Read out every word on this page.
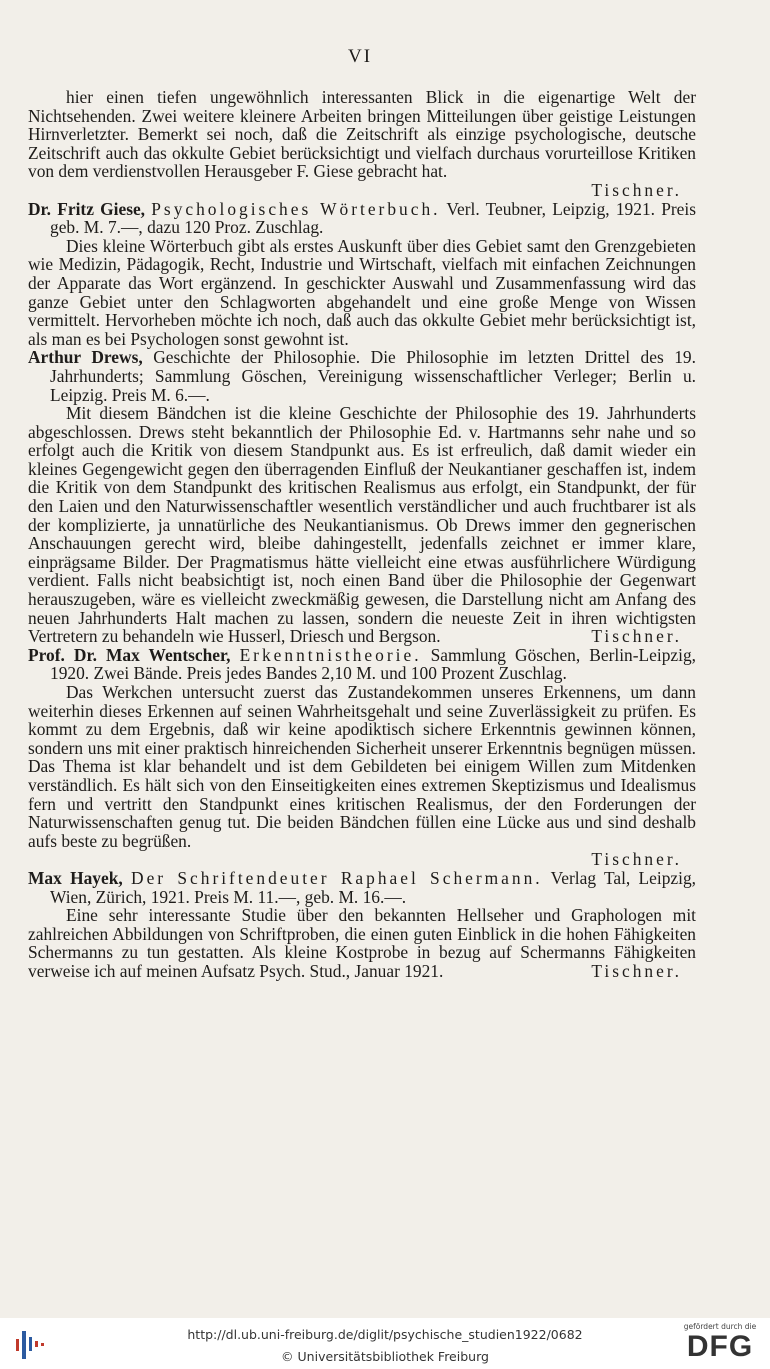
VI
hier einen tiefen ungewöhnlich interessanten Blick in die eigenartige Welt der Nichtsehenden. Zwei weitere kleinere Arbeiten bringen Mitteilungen über geistige Leistungen Hirnverletzter. Bemerkt sei noch, daß die Zeitschrift als einzige psychologische, deutsche Zeitschrift auch das okkulte Gebiet berücksichtigt und vielfach durchaus vorurteillose Kritiken von dem verdienstvollen Herausgeber F. Giese gebracht hat.
Tischner.
Dr. Fritz Giese, Psychologisches Wörterbuch. Verl. Teubner, Leipzig, 1921. Preis geb. M. 7.—, dazu 120 Proz. Zuschlag.
Dies kleine Wörterbuch gibt als erstes Auskunft über dies Gebiet samt den Grenzgebieten wie Medizin, Pädagogik, Recht, Industrie und Wirtschaft, vielfach mit einfachen Zeichnungen der Apparate das Wort ergänzend. In geschickter Auswahl und Zusammenfassung wird das ganze Gebiet unter den Schlagworten abgehandelt und eine große Menge von Wissen vermittelt. Hervorheben möchte ich noch, daß auch das okkulte Gebiet mehr berücksichtigt ist, als man es bei Psychologen sonst gewohnt ist.
Arthur Drews, Geschichte der Philosophie. Die Philosophie im letzten Drittel des 19. Jahrhunderts; Sammlung Göschen, Vereinigung wissenschaftlicher Verleger; Berlin u. Leipzig. Preis M. 6.—.
Mit diesem Bändchen ist die kleine Geschichte der Philosophie des 19. Jahrhunderts abgeschlossen. Drews steht bekanntlich der Philosophie Ed. v. Hartmanns sehr nahe und so erfolgt auch die Kritik von diesem Standpunkt aus. Es ist erfreulich, daß damit wieder ein kleines Gegengewicht gegen den überragenden Einfluß der Neukantianer geschaffen ist, indem die Kritik von dem Standpunkt des kritischen Realismus aus erfolgt, ein Standpunkt, der für den Laien und den Naturwissenschaftler wesentlich verständlicher und auch fruchtbarer ist als der komplizierte, ja unnatürliche des Neukantianismus. Ob Drews immer den gegnerischen Anschauungen gerecht wird, bleibe dahingestellt, jedenfalls zeichnet er immer klare, einprägsame Bilder. Der Pragmatismus hätte vielleicht eine etwas ausführlichere Würdigung verdient. Falls nicht beabsichtigt ist, noch einen Band über die Philosophie der Gegenwart herauszugeben, wäre es vielleicht zweckmäßig gewesen, die Darstellung nicht am Anfang des neuen Jahrhunderts Halt machen zu lassen, sondern die neueste Zeit in ihren wichtigsten Vertretern zu behandeln wie Husserl, Driesch und Bergson.	Tischner.
Prof. Dr. Max Wentscher, Erkenntnistheorie. Sammlung Göschen, Berlin-Leipzig, 1920. Zwei Bände. Preis jedes Bandes 2,10 M. und 100 Prozent Zuschlag.
Das Werkchen untersucht zuerst das Zustandekommen unseres Erkennens, um dann weiterhin dieses Erkennen auf seinen Wahrheitsgehalt und seine Zuverlässigkeit zu prüfen. Es kommt zu dem Ergebnis, daß wir keine apodiktisch sichere Erkenntnis gewinnen können, sondern uns mit einer praktisch hinreichenden Sicherheit unserer Erkenntnis begnügen müssen. Das Thema ist klar behandelt und ist dem Gebildeten bei einigem Willen zum Mitdenken verständlich. Es hält sich von den Einseitigkeiten eines extremen Skeptizismus und Idealismus fern und vertritt den Standpunkt eines kritischen Realismus, der den Forderungen der Naturwissenschaften genug tut. Die beiden Bändchen füllen eine Lücke aus und sind deshalb aufs beste zu begrüßen.
Tischner.
Max Hayek, Der Schriftendeuter Raphael Schermann. Verlag Tal, Leipzig, Wien, Zürich, 1921. Preis M. 11.—, geb. M. 16.—.
Eine sehr interessante Studie über den bekannten Hellseher und Graphologen mit zahlreichen Abbildungen von Schriftproben, die einen guten Einblick in die hohen Fähigkeiten Schermanns zu tun gestatten. Als kleine Kostprobe in bezug auf Schermanns Fähigkeiten verweise ich auf meinen Aufsatz Psych. Stud., Januar 1921.	Tischner.
http://dl.ub.uni-freiburg.de/diglit/psychische_studien1922/0682
© Universitätsbibliothek Freiburg
gefördert durch die
DFG
